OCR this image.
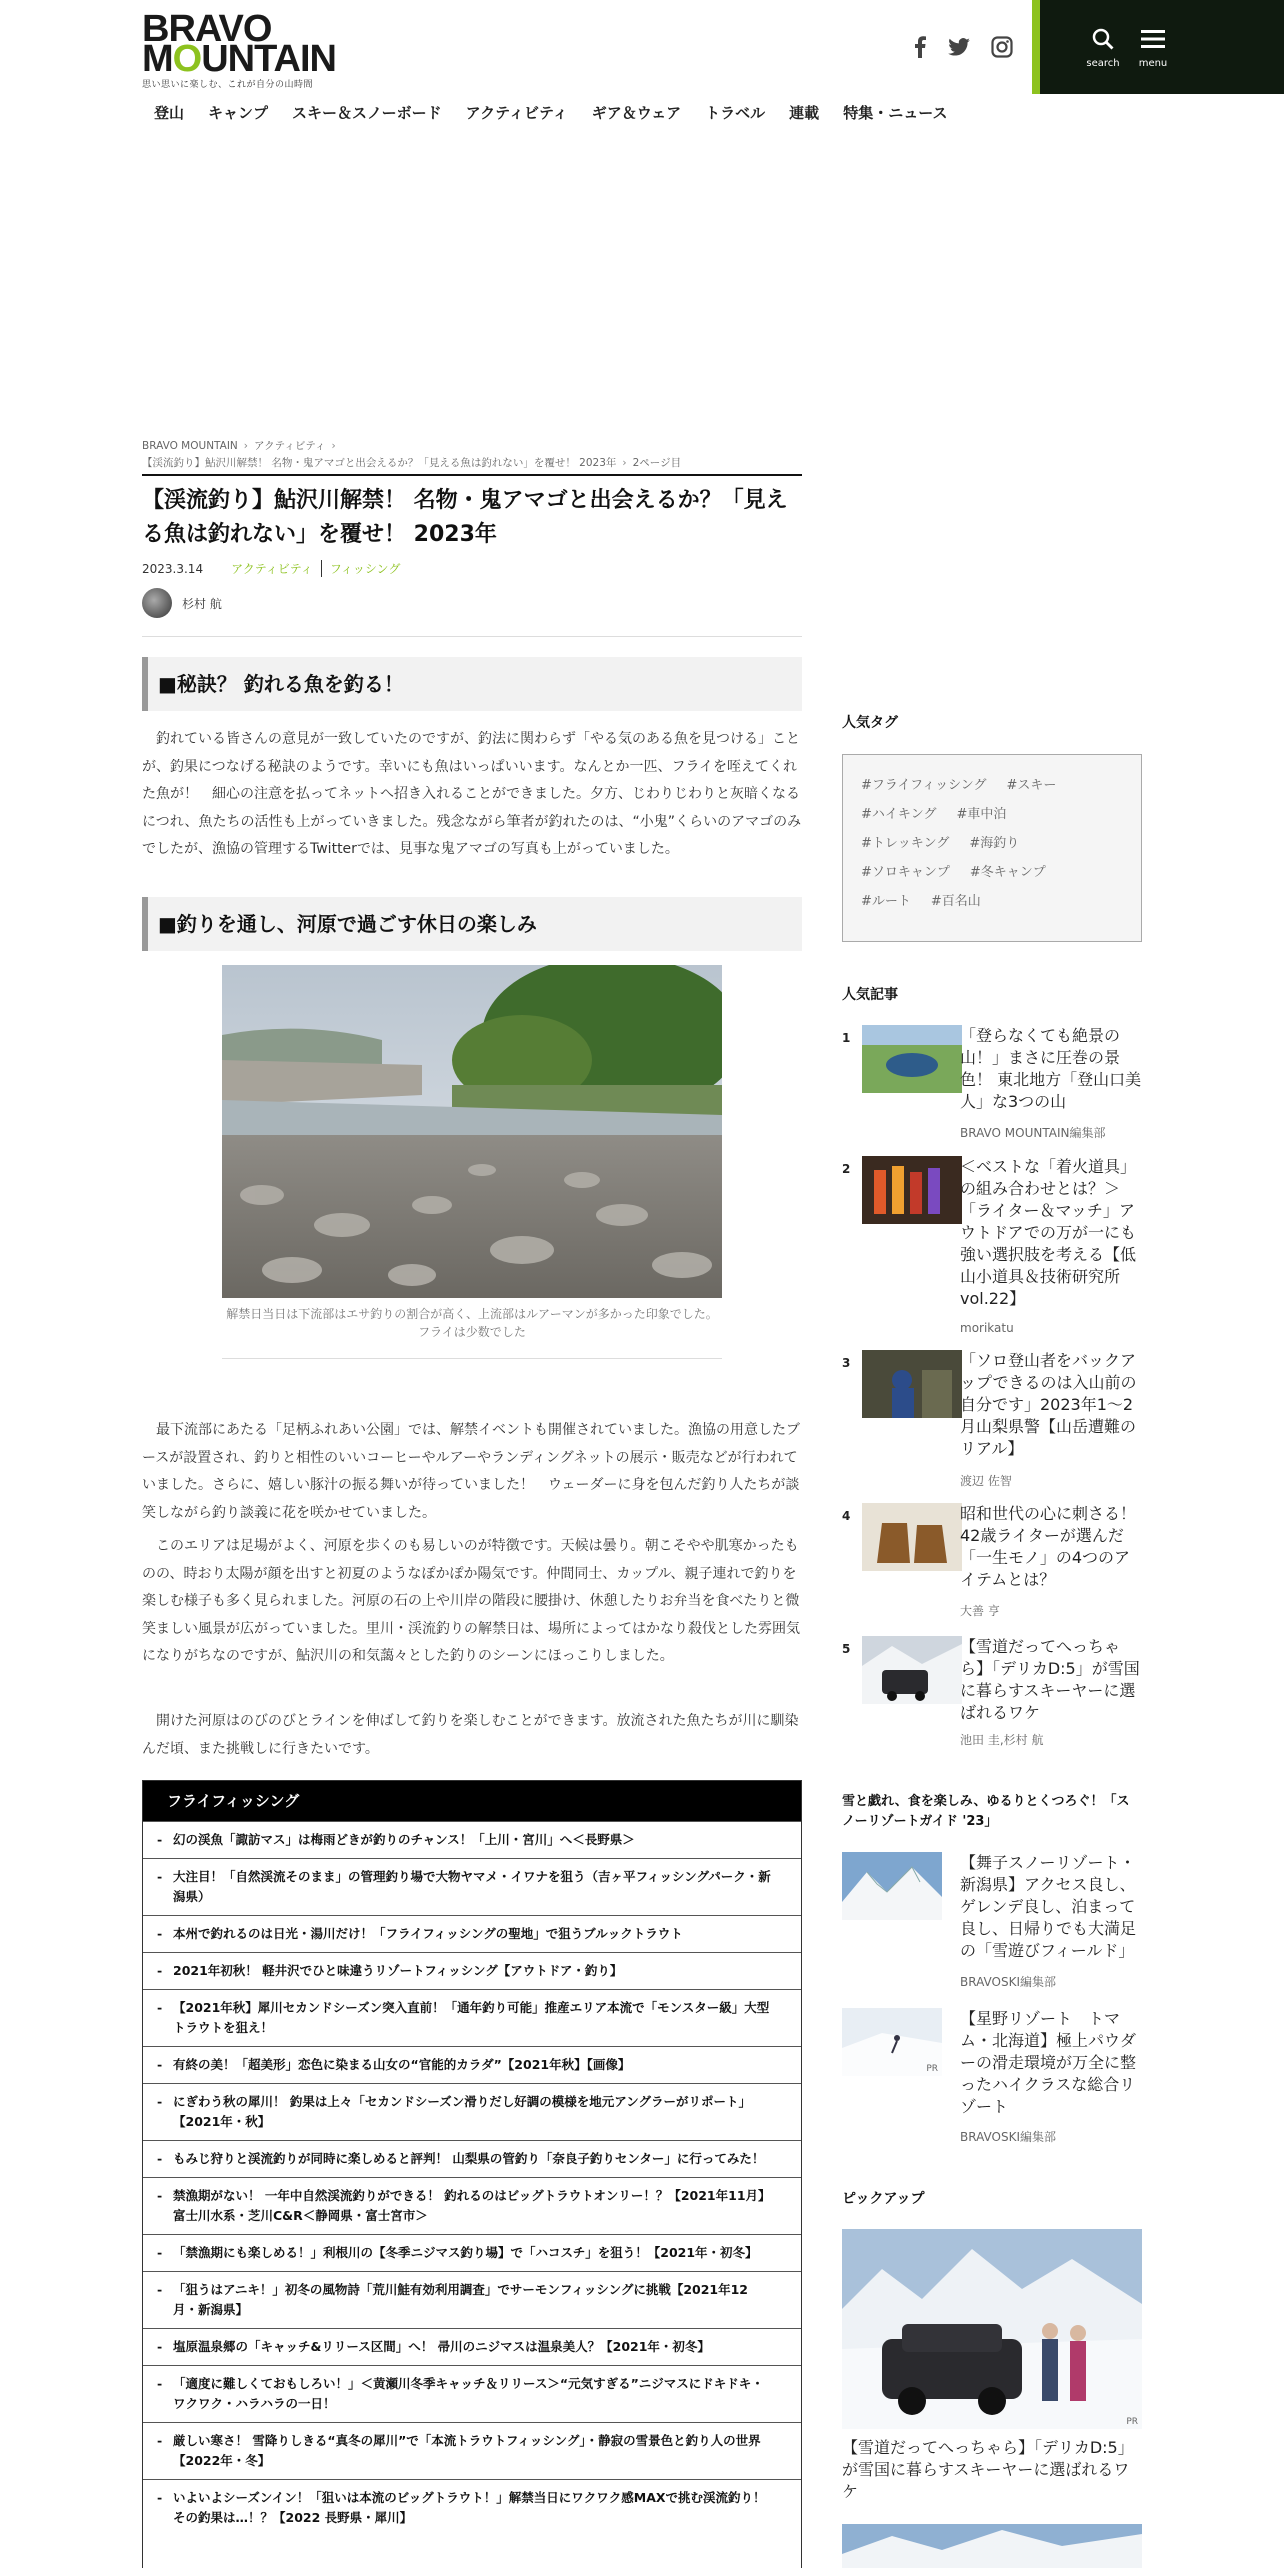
BRAVO
MOUNTAIN
思い思いに楽しむ、これが自分の山時間
search	menu
登山	キャンプ	スキー＆スノーボード	アクティビティ	ギア＆ウェア	トラベル	連載	特集・ニュース
BRAVO MOUNTAIN › アクティビティ ›
【渓流釣り】鮎沢川解禁！ 名物・鬼アマゴと出会えるか？「見える魚は釣れない」を覆せ！ 2023年 › 2ページ目
【渓流釣り】鮎沢川解禁！ 名物・鬼アマゴと出会えるか？「見える魚は釣れない」を覆せ！ 2023年
2023.3.14	アクティビティ	フィッシング
杉村 航
■秘訣？ 釣れる魚を釣る！

釣れている皆さんの意見が一致していたのですが、釣法に関わらず「やる気のある魚を見つける」ことが、釣果につなげる秘訣のようです。幸いにも魚はいっぱいいます。なんとか一匹、フライを咥えてくれた魚が！　細心の注意を払ってネットへ招き入れることができました。夕方、じわりじわりと灰暗くなるにつれ、魚たちの活性も上がっていきました。残念ながら筆者が釣れたのは、“小鬼”くらいのアマゴのみでしたが、漁協の管理するTwitterでは、見事な鬼アマゴの写真も上がっていました。

■釣りを通し、河原で過ごす休日の楽しみ

解禁日当日は下流部はエサ釣りの割合が高く、上流部はルアーマンが多かった印象でした。フライは少数でした

最下流部にあたる「足柄ふれあい公園」では、解禁イベントも開催されていました。漁協の用意したブースが設置され、釣りと相性のいいコーヒーやルアーやランディングネットの展示・販売などが行われていました。さらに、嬉しい豚汁の振る舞いが待っていました！　ウェーダーに身を包んだ釣り人たちが談笑しながら釣り談義に花を咲かせていました。

このエリアは足場がよく、河原を歩くのも易しいのが特徴です。天候は曇り。朝こそやや肌寒かったものの、時おり太陽が顔を出すと初夏のようなぽかぽか陽気です。仲間同士、カップル、親子連れで釣りを楽しむ様子も多く見られました。河原の石の上や川岸の階段に腰掛け、休憩したりお弁当を食べたりと微笑ましい風景が広がっていました。里川・渓流釣りの解禁日は、場所によってはかなり殺伐とした雰囲気になりがちなのですが、鮎沢川の和気藹々とした釣りのシーンにほっこりしました。

開けた河原はのびのびとラインを伸ばして釣りを楽しむことができます。放流された魚たちが川に馴染んだ頃、また挑戦しに行きたいです。

フライフィッシング
- 幻の渓魚「諏訪マス」は梅雨どきが釣りのチャンス！「上川・宮川」へ＜長野県＞
- 大注目！「自然渓流そのまま」の管理釣り場で大物ヤマメ・イワナを狙う（吉ヶ平フィッシングパーク・新潟県）
- 本州で釣れるのは日光・湯川だけ！「フライフィッシングの聖地」で狙うブルックトラウト
- 2021年初秋！ 軽井沢でひと味違うリゾートフィッシング【アウトドア・釣り】
- 【2021年秋】犀川セカンドシーズン突入直前！「通年釣り可能」推産エリア本流で「モンスター級」大型トラウトを狙え！
- 有終の美！「超美形」恋色に染まる山女の“官能的カラダ”【2021年秋】【画像】
- にぎわう秋の犀川！ 釣果は上々「セカンドシーズン滑りだし好調の模様を地元アングラーがリポート」【2021年・秋】
- もみじ狩りと渓流釣りが同時に楽しめると評判！ 山梨県の管釣り「奈良子釣りセンター」に行ってみた！
- 禁漁期がない！ 一年中自然渓流釣りができる！ 釣れるのはビッグトラウトオンリー！？【2021年11月】富士川水系・芝川C&R＜静岡県・富士宮市＞
- 「禁漁期にも楽しめる！」利根川の【冬季ニジマス釣り場】で「ハコスチ」を狙う！【2021年・初冬】
- 「狙うはアニキ！」初冬の風物詩「荒川鮭有効利用調査」でサーモンフィッシングに挑戦【2021年12月・新潟県】
- 塩原温泉郷の「キャッチ&リリース区間」へ！ 帚川のニジマスは温泉美人？【2021年・初冬】
- 「適度に難しくておもしろい！」＜黄瀬川冬季キャッチ＆リリース＞“元気すぎる”ニジマスにドキドキ・ワクワク・ハラハラの一日！
- 厳しい寒さ！ 雪降りしきる“真冬の犀川”で「本流トラウトフィッシング」・静寂の雪景色と釣り人の世界【2022年・冬】
- いよいよシーズンイン！「狙いは本流のビッグトラウト！」解禁当日にワクワク感MAXで挑む渓流釣り！ その釣果は…！？【2022 長野県・犀川】
人気タグ
#フライフィッシング #スキー
#ハイキング #車中泊
#トレッキング #海釣り
#ソロキャンプ #冬キャンプ
#ルート #百名山
人気記事
1	「登らなくても絶景の山！」まさに圧巻の景色！ 東北地方「登山口美人」な3つの山
BRAVO MOUNTAIN編集部
2	＜ベストな「着火道具」の組み合わせとは？＞「ライター＆マッチ」アウトドアでの万が一にも強い選択肢を考える【低山小道具＆技術研究所 vol.22】
morikatu
3	「ソロ登山者をバックアップできるのは入山前の自分です」2023年1〜2月山梨県警【山岳遭難のリアル】
渡辺 佐智
4	昭和世代の心に刺さる！42歳ライターが選んだ「一生モノ」の4つのアイテムとは？
大善 亨
5	【雪道だってへっちゃら】「デリカD:5」が雪国に暮らすスキーヤーに選ばれるワケ
池田 圭,杉村 航
雪と戯れ、食を楽しみ、ゆるりとくつろぐ！「スノーリゾートガイド '23」
【舞子スノーリゾート・新潟県】アクセス良し、ゲレンデ良し、泊まって良し、日帰りでも大満足の「雪遊びフィールド」
BRAVOSKI編集部
PR
【星野リゾート　トマム・北海道】極上パウダーの滑走環境が万全に整ったハイクラスな総合リゾート
BRAVOSKI編集部
ピックアップ
PR
【雪道だってへっちゃら】「デリカD:5」が雪国に暮らすスキーヤーに選ばれるワケ
